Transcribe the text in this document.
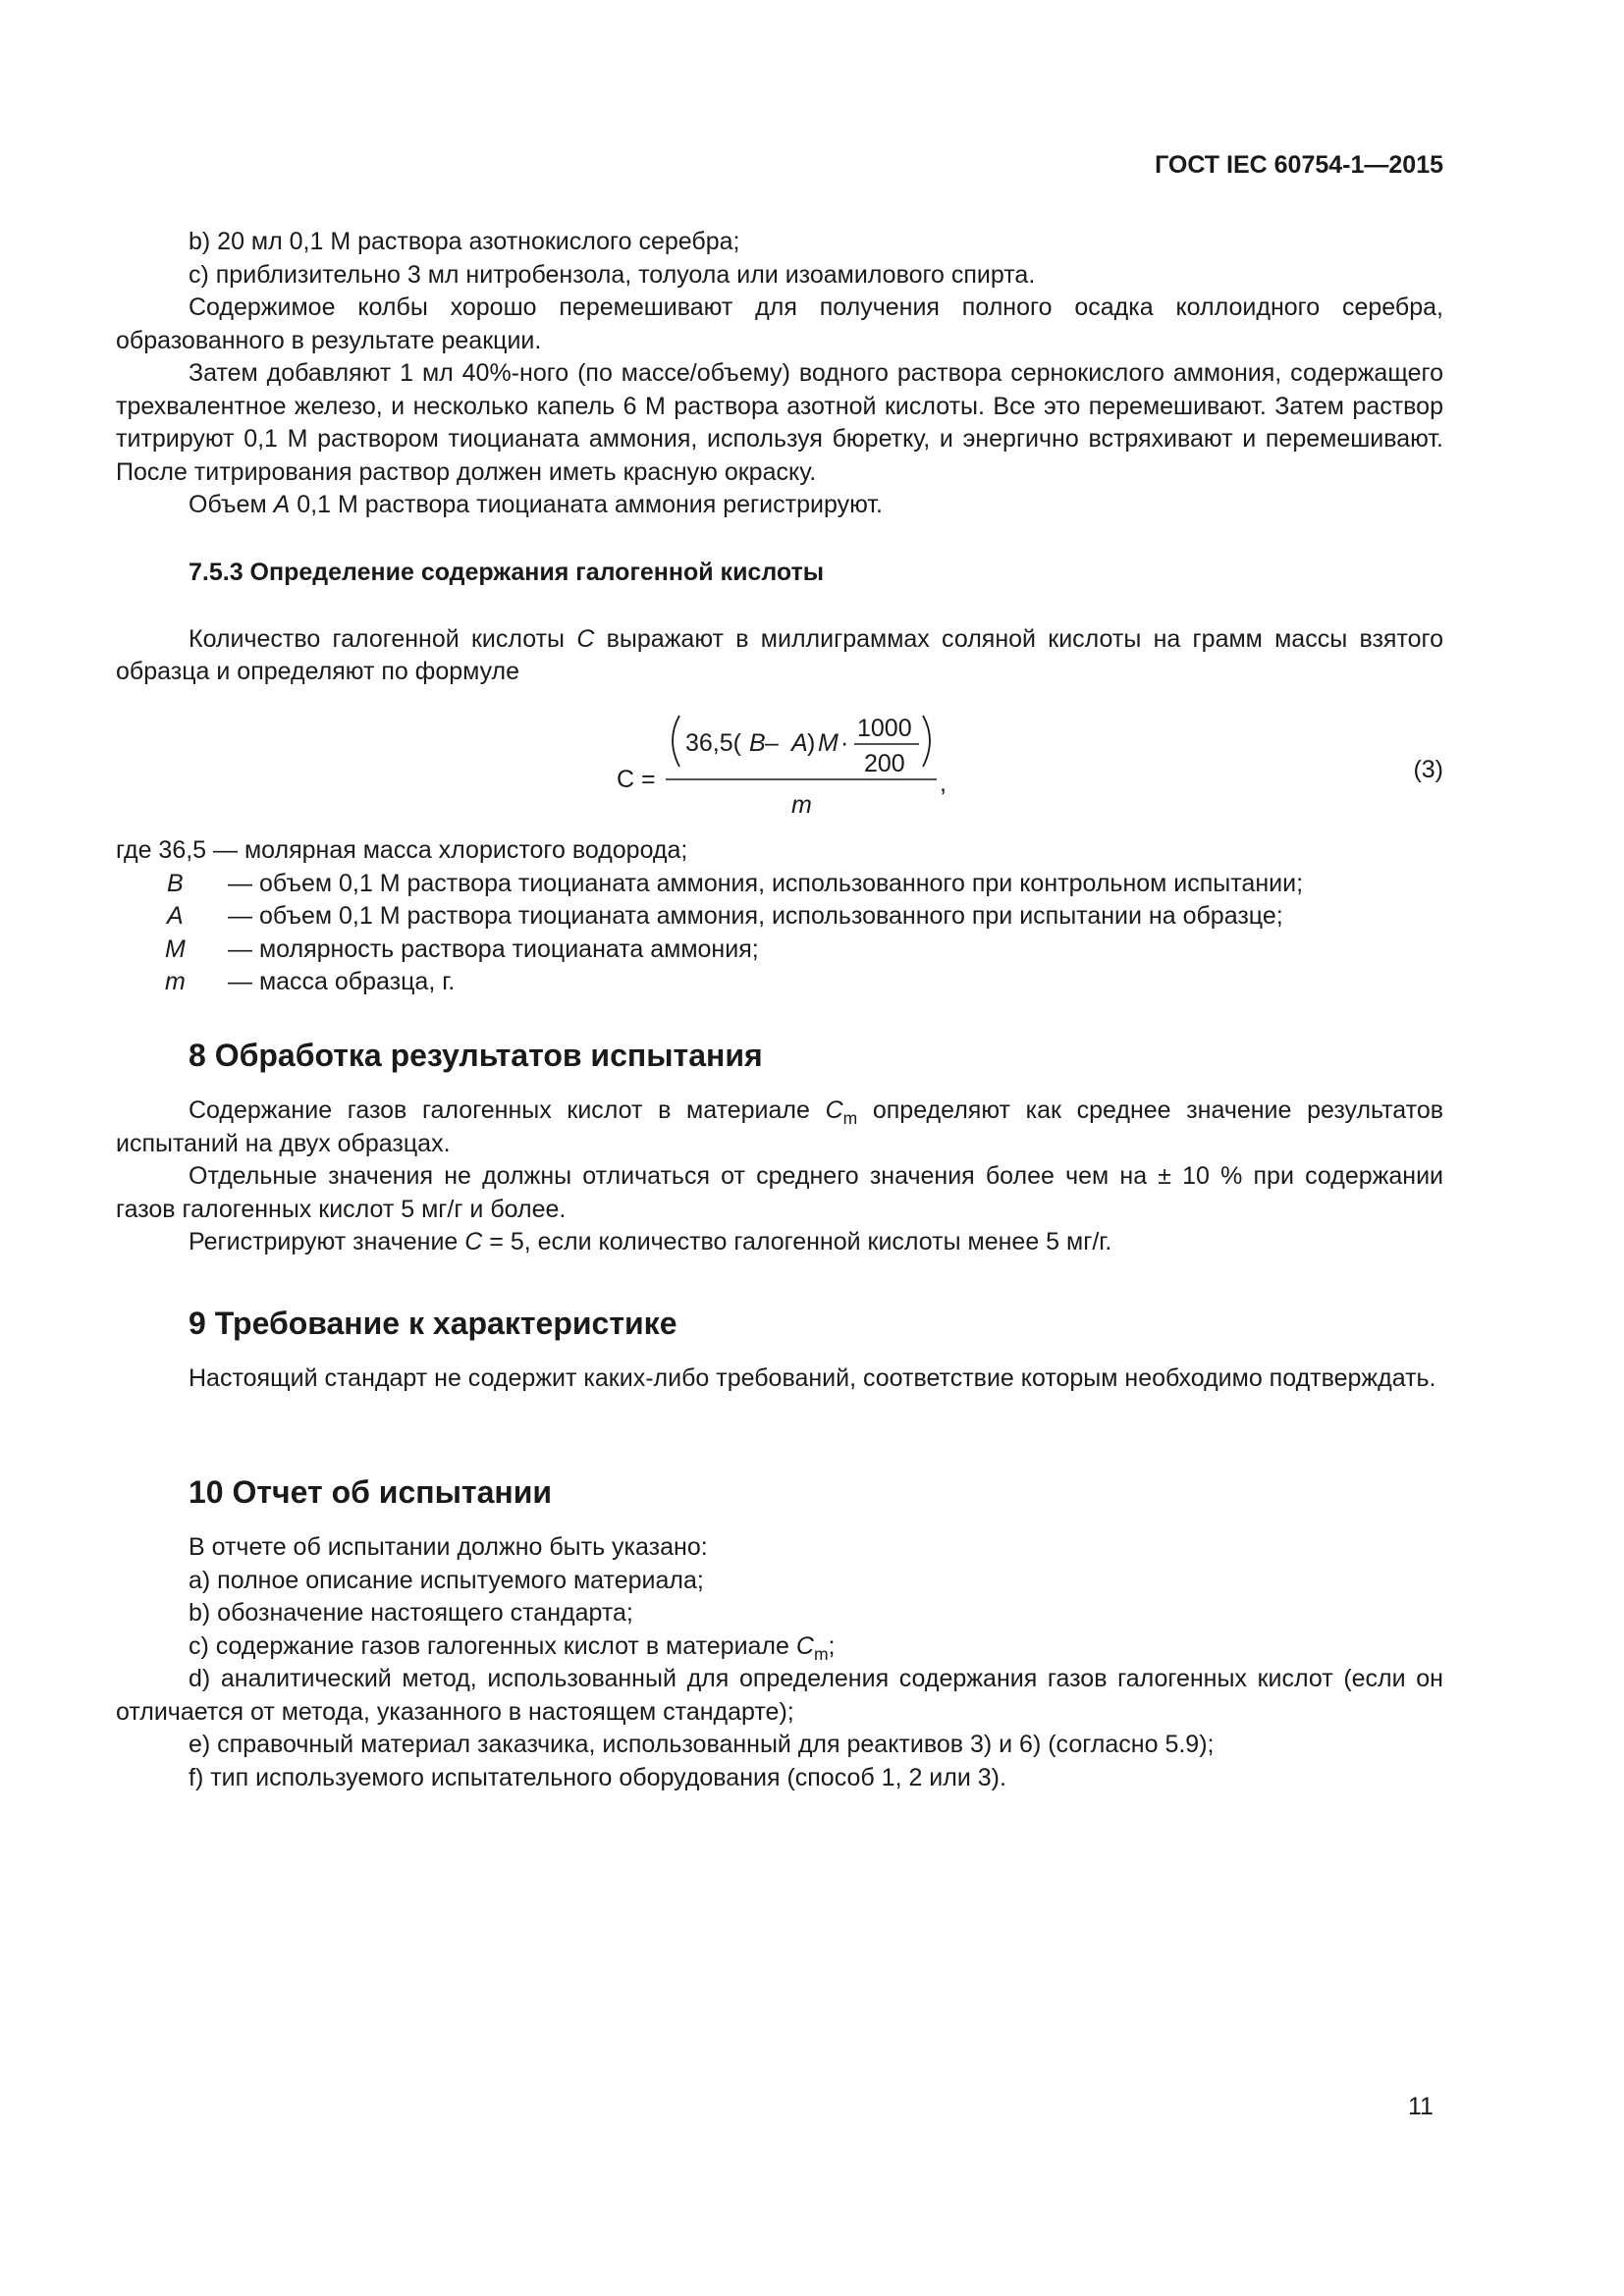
ГОСТ IEC 60754-1—2015

b) 20 мл 0,1 М раствора азотнокислого серебра;

c) приблизительно 3 мл нитробензола, толуола или изоамилового спирта.

Содержимое колбы хорошо перемешивают для получения полного осадка коллоидного серебра, образованного в результате реакции.

Затем добавляют 1 мл 40%-ного (по массе/объему) водного раствора сернокислого аммония, содержащего трехвалентное железо, и несколько капель 6 М раствора азотной кислоты. Все это перемешивают. Затем раствор титрируют 0,1 М раствором тиоцианата аммония, используя бюретку, и энергично встряхивают и перемешивают. После титрирования раствор должен иметь красную окраску.

Объем А 0,1 М раствора тиоцианата аммония регистрируют.

7.5.3 Определение содержания галогенной кислоты

Количество галогенной кислоты C выражают в миллиграммах соляной кислоты на грамм массы взятого образца и определяют по формуле

C =
36,5( B – A ) M ·
1000
200
,
m
(3)

где 36,5 — молярная масса хлористого водорода;

B	— объем 0,1 М раствора тиоцианата аммония, использованного при контрольном испытании;
A	— объем 0,1 М раствора тиоцианата аммония, использованного при испытании на образце;
M	— молярность раствора тиоцианата аммония;
m	— масса образца, г.
8 Обработка результатов испытания

Содержание газов галогенных кислот в материале $C_m$ определяют как среднее значение результатов испытаний на двух образцах.

Отдельные значения не должны отличаться от среднего значения более чем на ± 10 % при содержании газов галогенных кислот 5 мг/г и более.

Регистрируют значение C = 5, если количество галогенной кислоты менее 5 мг/г.

9 Требование к характеристике

Настоящий стандарт не содержит каких-либо требований, соответствие которым необходимо подтверждать.

10 Отчет об испытании

В отчете об испытании должно быть указано:

a) полное описание испытуемого материала;

b) обозначение настоящего стандарта;

c) содержание газов галогенных кислот в материале $C_m$;

d) аналитический метод, использованный для определения содержания газов галогенных кислот (если он отличается от метода, указанного в настоящем стандарте);

e) справочный материал заказчика, использованный для реактивов 3) и 6) (согласно 5.9);

f) тип используемого испытательного оборудования (способ 1, 2 или 3).

11
